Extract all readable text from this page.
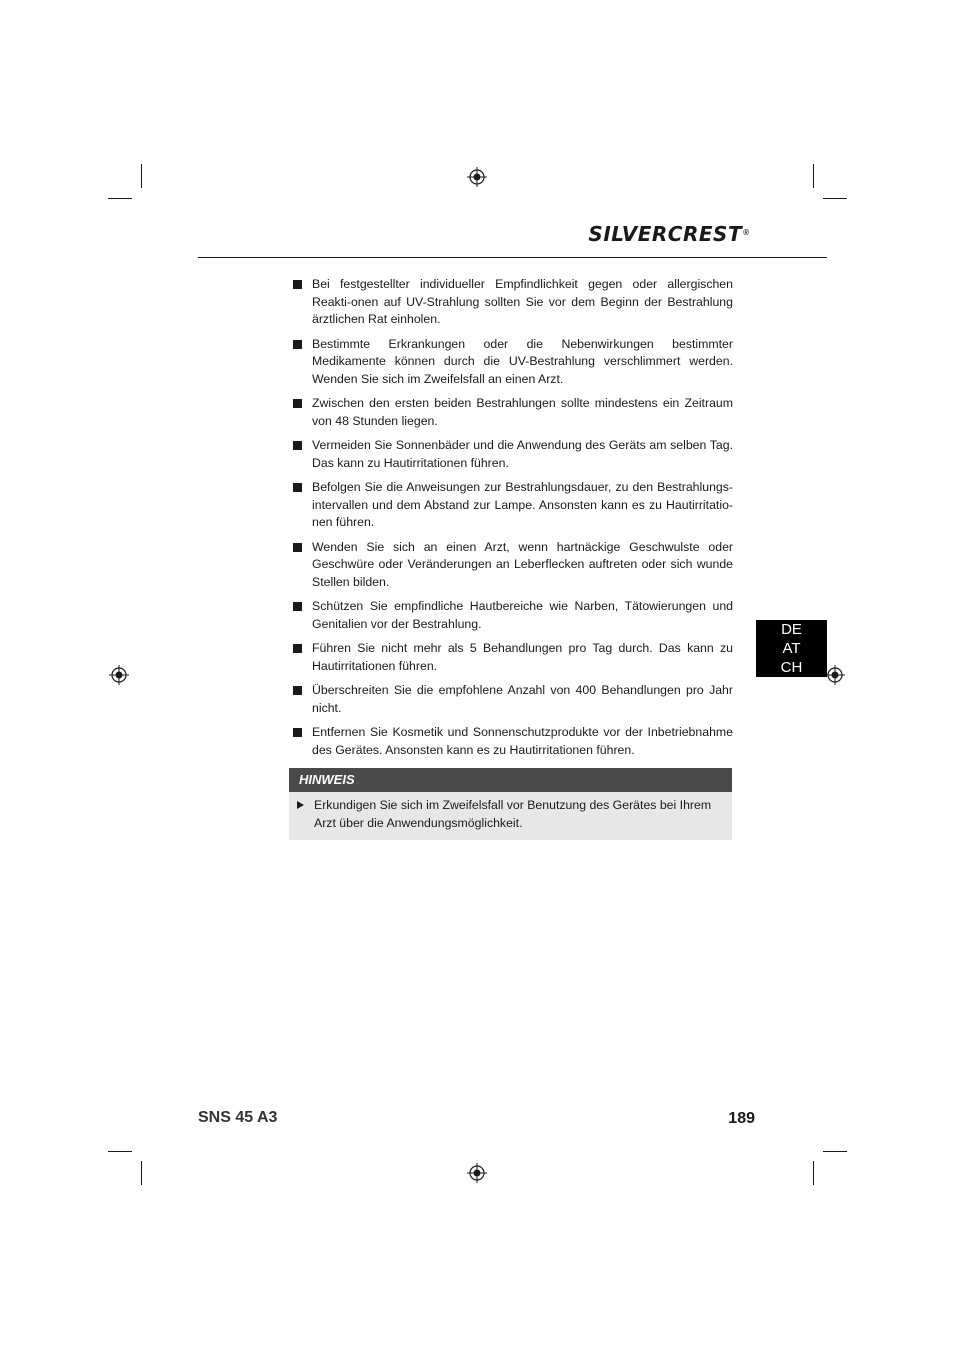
SILVERCREST ®
Bei festgestellter individueller Empfindlichkeit gegen oder allergischen Reakti-onen auf UV-Strahlung sollten Sie vor dem Beginn der Bestrahlung ärztlichen Rat einholen.
Bestimmte Erkrankungen oder die Nebenwirkungen bestimmter Medikamente können durch die UV-Bestrahlung verschlimmert werden. Wenden Sie sich im Zweifelsfall an einen Arzt.
Zwischen den ersten beiden Bestrahlungen sollte mindestens ein Zeitraum von 48 Stunden liegen.
Vermeiden Sie Sonnenbäder und die Anwendung des Geräts am selben Tag. Das kann zu Hautirritationen führen.
Befolgen Sie die Anweisungen zur Bestrahlungsdauer, zu den Bestrahlungs-intervallen und dem Abstand zur Lampe. Ansonsten kann es zu Hautirritatio-nen führen.
Wenden Sie sich an einen Arzt, wenn hartnäckige Geschwulste oder Geschwüre oder Veränderungen an Leberflecken auftreten oder sich wunde Stellen bilden.
Schützen Sie empfindliche Hautbereiche wie Narben, Tätowierungen und Genitalien vor der Bestrahlung.
Führen Sie nicht mehr als 5 Behandlungen pro Tag durch. Das kann zu Hautirritationen führen.
Überschreiten Sie die empfohlene Anzahl von 400 Behandlungen pro Jahr nicht.
Entfernen Sie Kosmetik und Sonnenschutzprodukte vor der Inbetriebnahme des Gerätes. Ansonsten kann es zu Hautirritationen führen.
HINWEIS
Erkundigen Sie sich im Zweifelsfall vor Benutzung des Gerätes bei Ihrem Arzt über die Anwendungsmöglichkeit.
DE
AT
CH
SNS 45 A3	189
